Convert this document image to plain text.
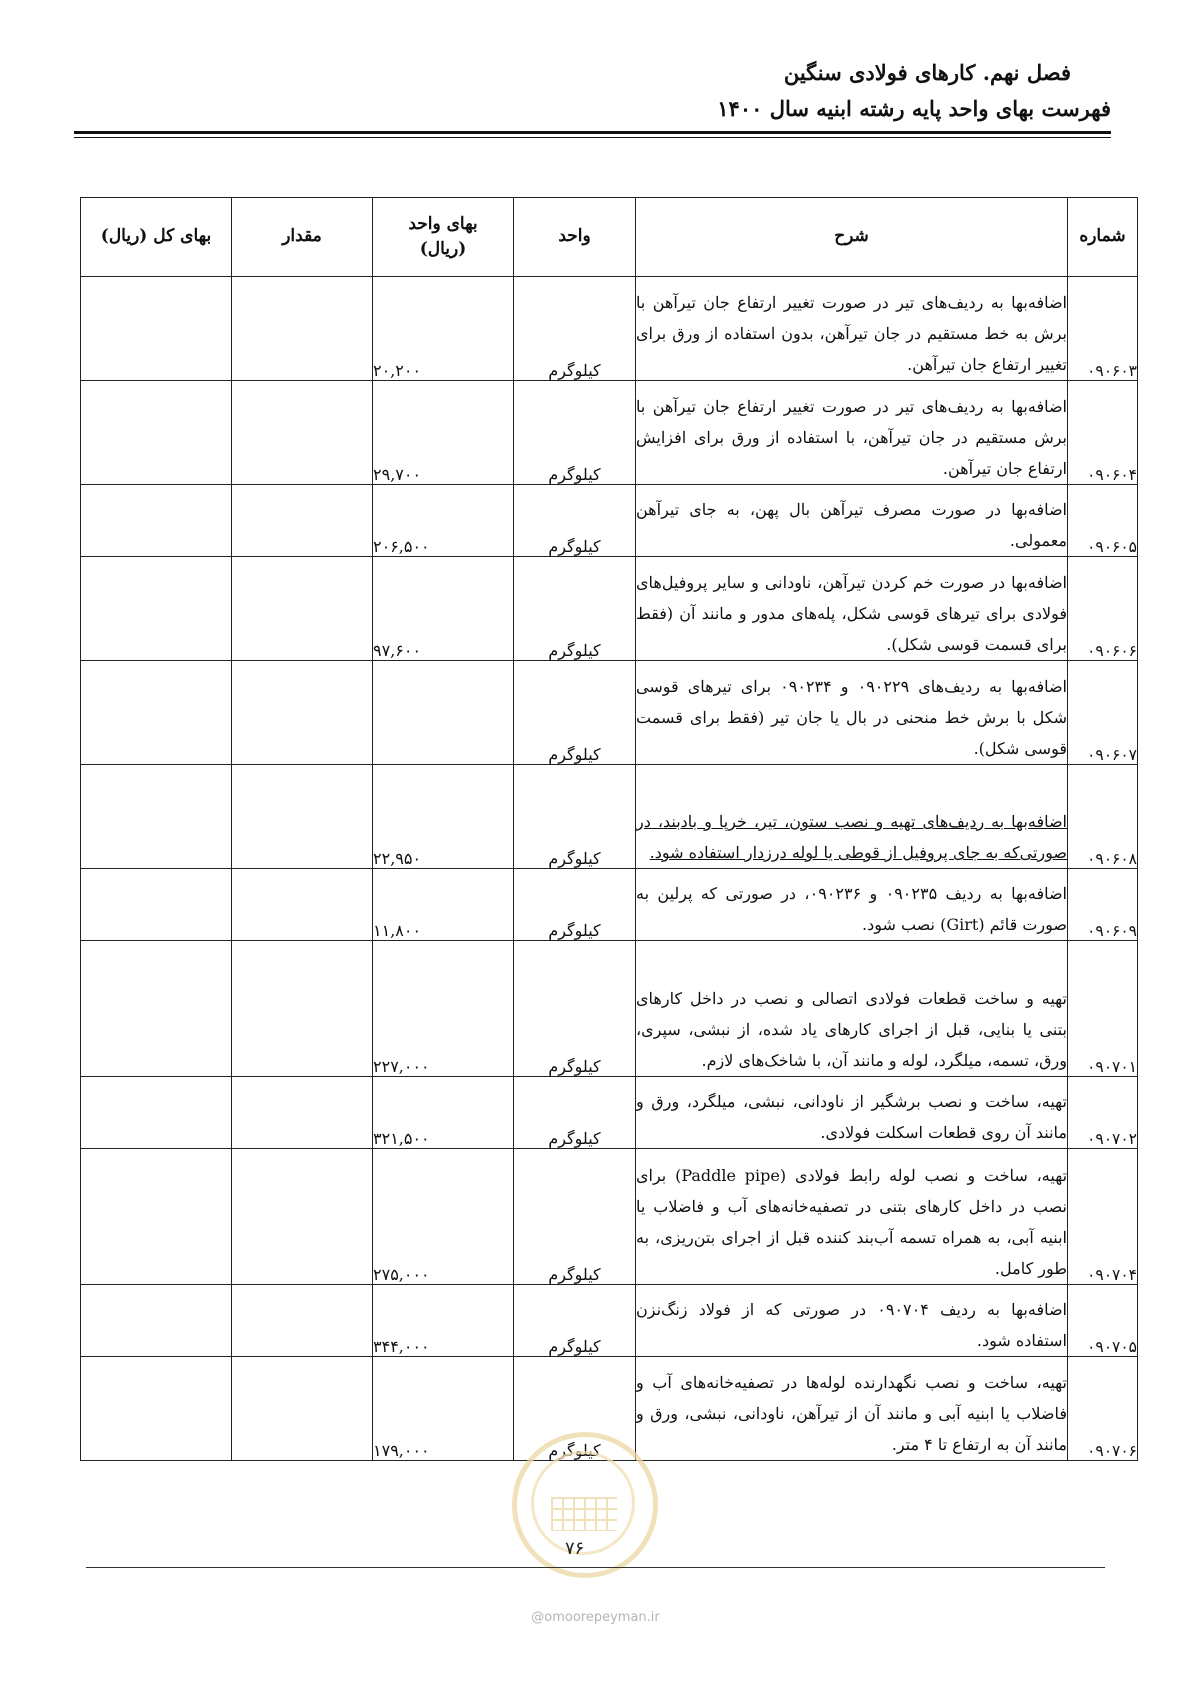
فصل نهم. کارهای فولادی سنگین
فهرست بهای واحد پایه رشته ابنیه سال ۱۴۰۰
شماره	شرح	واحد	بهای واحد (ریال)	مقدار	بهای کل (ریال)
۰۹۰۶۰۳	اضافه‌بها به ردیف‌های تیر در صورت تغییر ارتفاع جان تیرآهن با برش به خط مستقیم در جان تیرآهن، بدون استفاده از ورق برای تغییر ارتفاع جان تیرآهن.	کیلوگرم	۲۰,۲۰۰		
۰۹۰۶۰۴	اضافه‌بها به ردیف‌های تیر در صورت تغییر ارتفاع جان تیرآهن با برش مستقیم در جان تیرآهن، با استفاده از ورق برای افزایش ارتفاع جان تیرآهن.	کیلوگرم	۲۹,۷۰۰		
۰۹۰۶۰۵	اضافه‌بها در صورت مصرف تیرآهن بال پهن، به جای تیرآهن معمولی.	کیلوگرم	۲۰۶,۵۰۰		
۰۹۰۶۰۶	اضافه‌بها در صورت خم کردن تیرآهن، ناودانی و سایر پروفیل‌های فولادی برای تیرهای قوسی شکل، پله‌های مدور و مانند آن (فقط برای قسمت قوسی شکل).	کیلوگرم	۹۷,۶۰۰		
۰۹۰۶۰۷	اضافه‌بها به ردیف‌های ۰۹۰۲۲۹ و ۰۹۰۲۳۴ برای تیرهای قوسی شکل با برش خط منحنی در بال یا جان تیر (فقط برای قسمت قوسی شکل).	کیلوگرم			
۰۹۰۶۰۸	اضافه‌بها به ردیف‌های تهیه و نصب ستون، تیر، خرپا و بادبند، در صورتی‌که به جای پروفیل از قوطی یا لوله درزدار استفاده شود.	کیلوگرم	۲۲,۹۵۰		
۰۹۰۶۰۹	اضافه‌بها به ردیف ۰۹۰۲۳۵ و ۰۹۰۲۳۶، در صورتی که پرلین به صورت قائم (Girt) نصب شود.	کیلوگرم	۱۱,۸۰۰		
۰۹۰۷۰۱	تهیه و ساخت قطعات فولادی اتصالی و نصب در داخل کارهای بتنی یا بنایی، قبل از اجرای کارهای یاد شده، از نبشی، سپری، ورق، تسمه، میلگرد، لوله و مانند آن، با شاخک‌های لازم.	کیلوگرم	۲۲۷,۰۰۰		
۰۹۰۷۰۲	تهیه، ساخت و نصب برشگیر از ناودانی، نبشی، میلگرد، ورق و مانند آن روی قطعات اسکلت فولادی.	کیلوگرم	۳۲۱,۵۰۰		
۰۹۰۷۰۴	تهیه، ساخت و نصب لوله رابط فولادی (Paddle pipe) برای نصب در داخل کارهای بتنی در تصفیه‌خانه‌های آب و فاضلاب یا ابنیه آبی، به همراه تسمه آب‌بند کننده قبل از اجرای بتن‌ریزی، به طور کامل.	کیلوگرم	۲۷۵,۰۰۰		
۰۹۰۷۰۵	اضافه‌بها به ردیف ۰۹۰۷۰۴ در صورتی که از فولاد زنگ‌نزن استفاده شود.	کیلوگرم	۳۴۴,۰۰۰		
۰۹۰۷۰۶	تهیه، ساخت و نصب نگهدارنده لوله‌ها در تصفیه‌خانه‌های آب و فاضلاب یا ابنیه آبی و مانند آن از تیرآهن، ناودانی، نبشی، ورق و مانند آن به ارتفاع تا ۴ متر.	کیلوگرم	۱۷۹,۰۰۰		
۷۶
@omoorepeyman.ir
